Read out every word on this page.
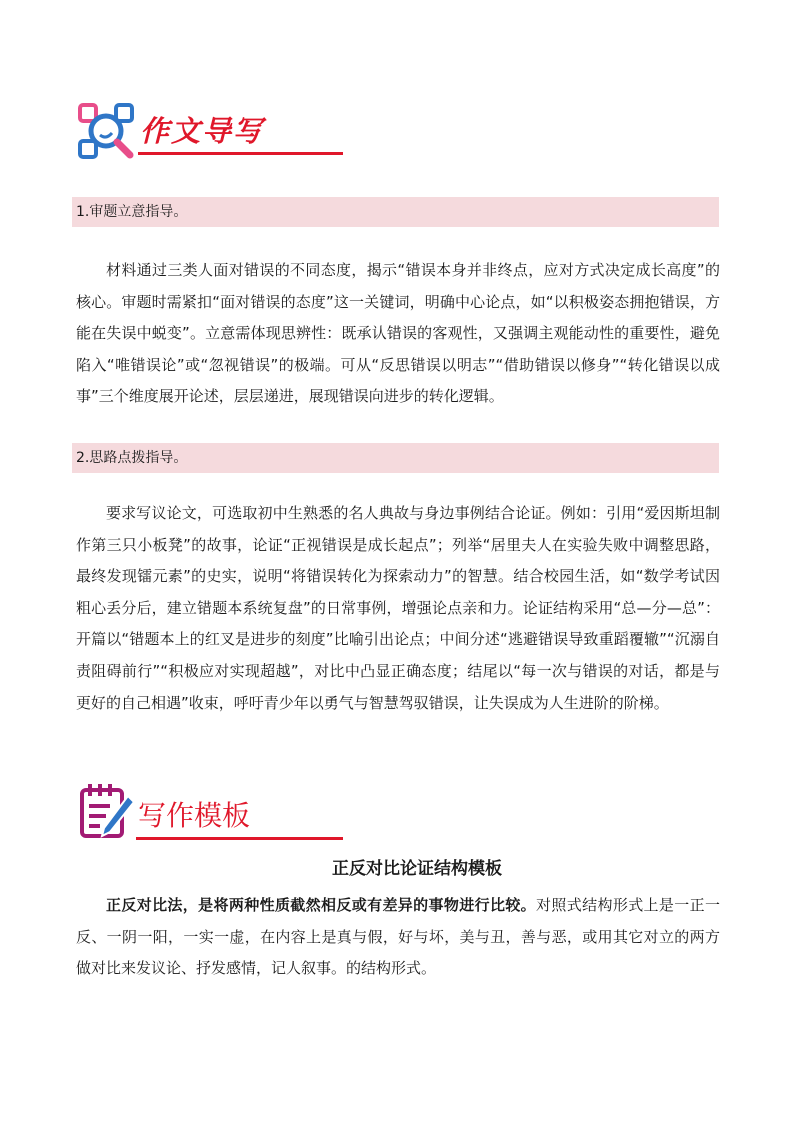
作文导写
1.审题立意指导。

材料通过三类人面对错误的不同态度，揭示“错误本身并非终点，应对方式决定成长高度”的核心。审题时需紧扣“面对错误的态度”这一关键词，明确中心论点，如“以积极姿态拥抱错误，方能在失误中蜕变”。立意需体现思辨性：既承认错误的客观性，又强调主观能动性的重要性，避免陷入“唯错误论”或“忽视错误”的极端。可从“反思错误以明志”“借助错误以修身”“转化错误以成事”三个维度展开论述，层层递进，展现错误向进步的转化逻辑。

2.思路点拨指导。

要求写议论文，可选取初中生熟悉的名人典故与身边事例结合论证。例如：引用“爱因斯坦制作第三只小板凳”的故事，论证“正视错误是成长起点”；列举“居里夫人在实验失败中调整思路，最终发现镭元素”的史实，说明“将错误转化为探索动力”的智慧。结合校园生活，如“数学考试因粗心丢分后，建立错题本系统复盘”的日常事例，增强论点亲和力。论证结构采用“总—分—总”：开篇以“错题本上的红叉是进步的刻度”比喻引出论点；中间分述“逃避错误导致重蹈覆辙”“沉溺自责阻碍前行”“积极应对实现超越”，对比中凸显正确态度；结尾以“每一次与错误的对话，都是与更好的自己相遇”收束，呼吁青少年以勇气与智慧驾驭错误，让失误成为人生进阶的阶梯。

写作模板
正反对比论证结构模板

正反对比法，是将两种性质截然相反或有差异的事物进行比较。对照式结构形式上是一正一反、一阴一阳，一实一虚，在内容上是真与假，好与坏，美与丑，善与恶，或用其它对立的两方做对比来发议论、抒发感情，记人叙事。的结构形式。
